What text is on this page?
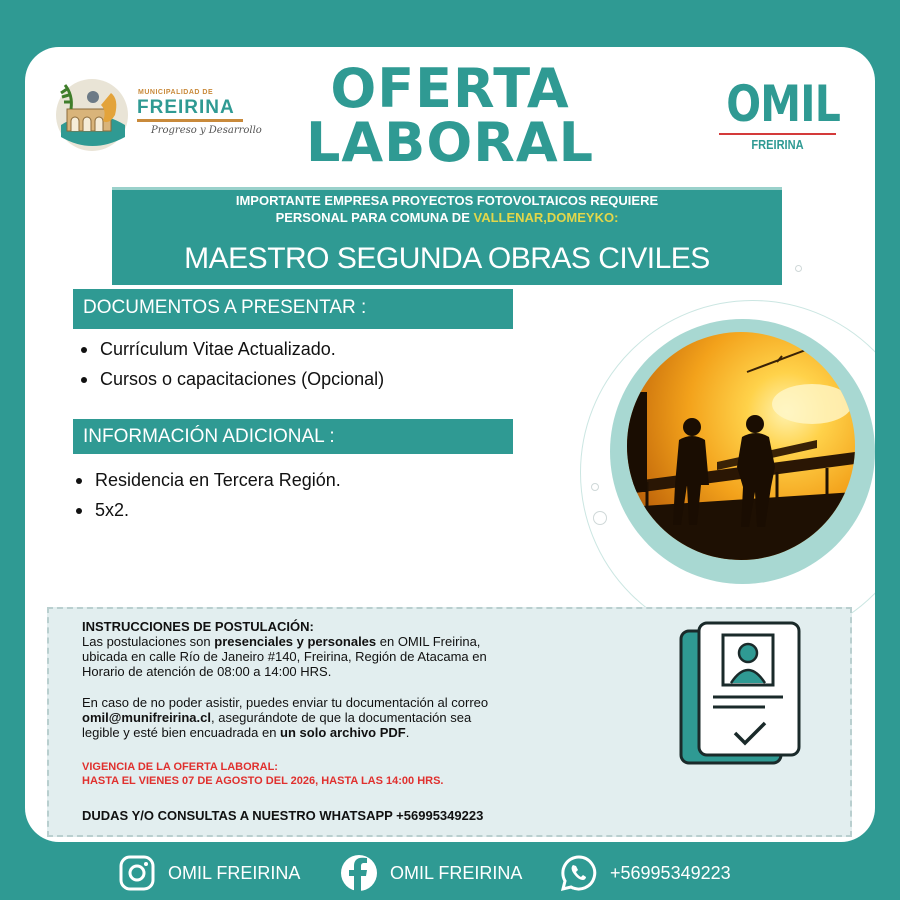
MUNICIPALIDAD DE
FREIRINA
Progreso y Desarrollo
OFERTA
LABORAL
OMIL
FREIRINA
IMPORTANTE EMPRESA PROYECTOS FOTOVOLTAICOS REQUIERE
PERSONAL PARA COMUNA DE VALLENAR,DOMEYKO:
MAESTRO SEGUNDA OBRAS CIVILES
DOCUMENTOS A PRESENTAR :
Currículum Vitae Actualizado.
Cursos o capacitaciones (Opcional)
INFORMACIÓN ADICIONAL :
Residencia en Tercera Región.
5x2.

INSTRUCCIONES DE POSTULACIÓN:

Las postulaciones son presenciales y personales en OMIL Freirina,

ubicada en calle Río de Janeiro #140, Freirina, Región de Atacama en

Horario de atención de 08:00 a 14:00 HRS.

En caso de no poder asistir, puedes enviar tu documentación al correo

omil@munifreirina.cl, asegurándote de que la documentación sea

legible y esté bien encuadrada en un solo archivo PDF.

VIGENCIA DE LA OFERTA LABORAL:

HASTA EL VIENES 07 DE AGOSTO DEL 2026, HASTA LAS 14:00 HRS.

DUDAS Y/O CONSULTAS A NUESTRO WHATSAPP +56995349223

OMIL FREIRINA	OMIL FREIRINA	+56995349223
